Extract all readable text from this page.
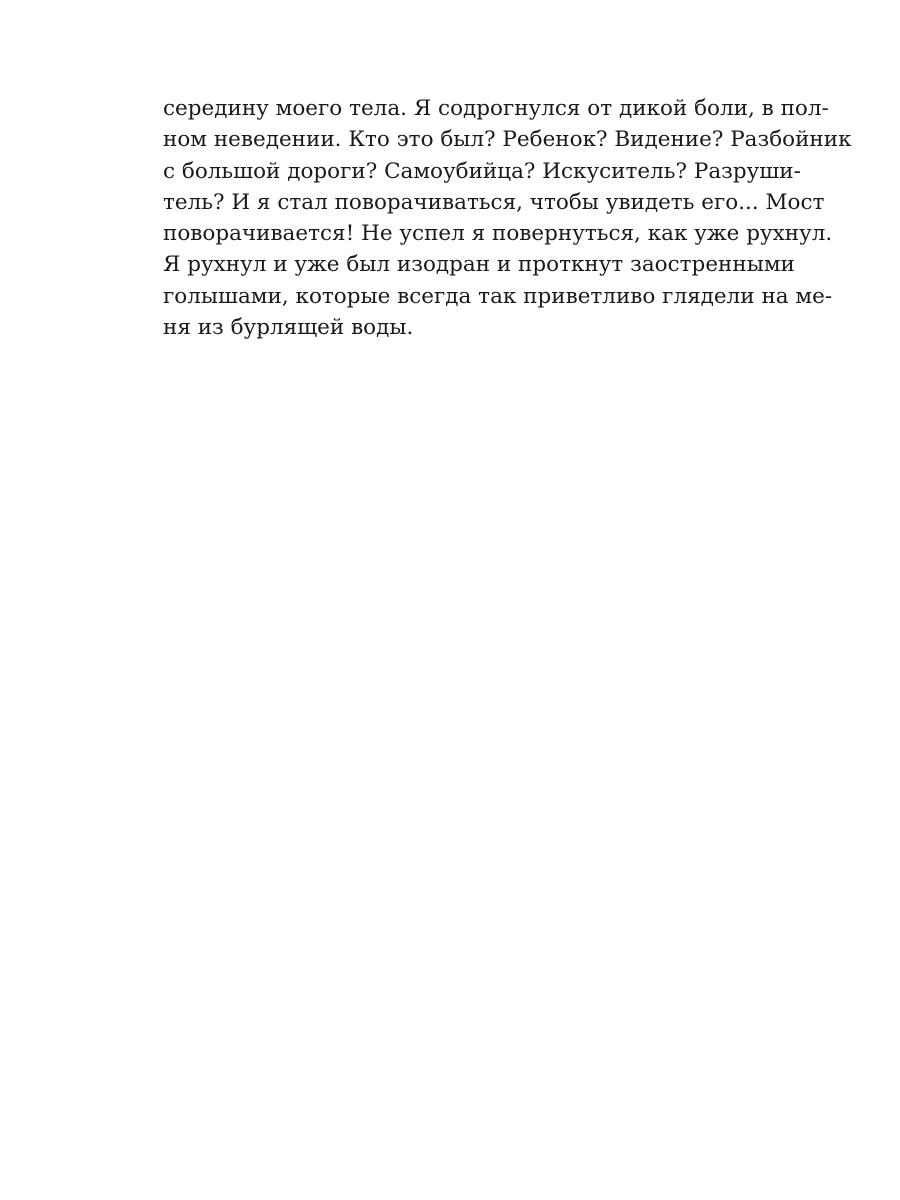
середину моего тела. Я содрогнулся от дикой боли, в пол-
ном неведении. Кто это был? Ребенок? Видение? Разбойник
с большой дороги? Самоубийца? Искуситель? Разруши-
тель? И я стал поворачиваться, чтобы увидеть его... Мост
поворачивается! Не успел я повернуться, как уже рухнул.
Я рухнул и уже был изодран и проткнут заостренными
голышами, которые всегда так приветливо глядели на ме-
ня из бурлящей воды.
